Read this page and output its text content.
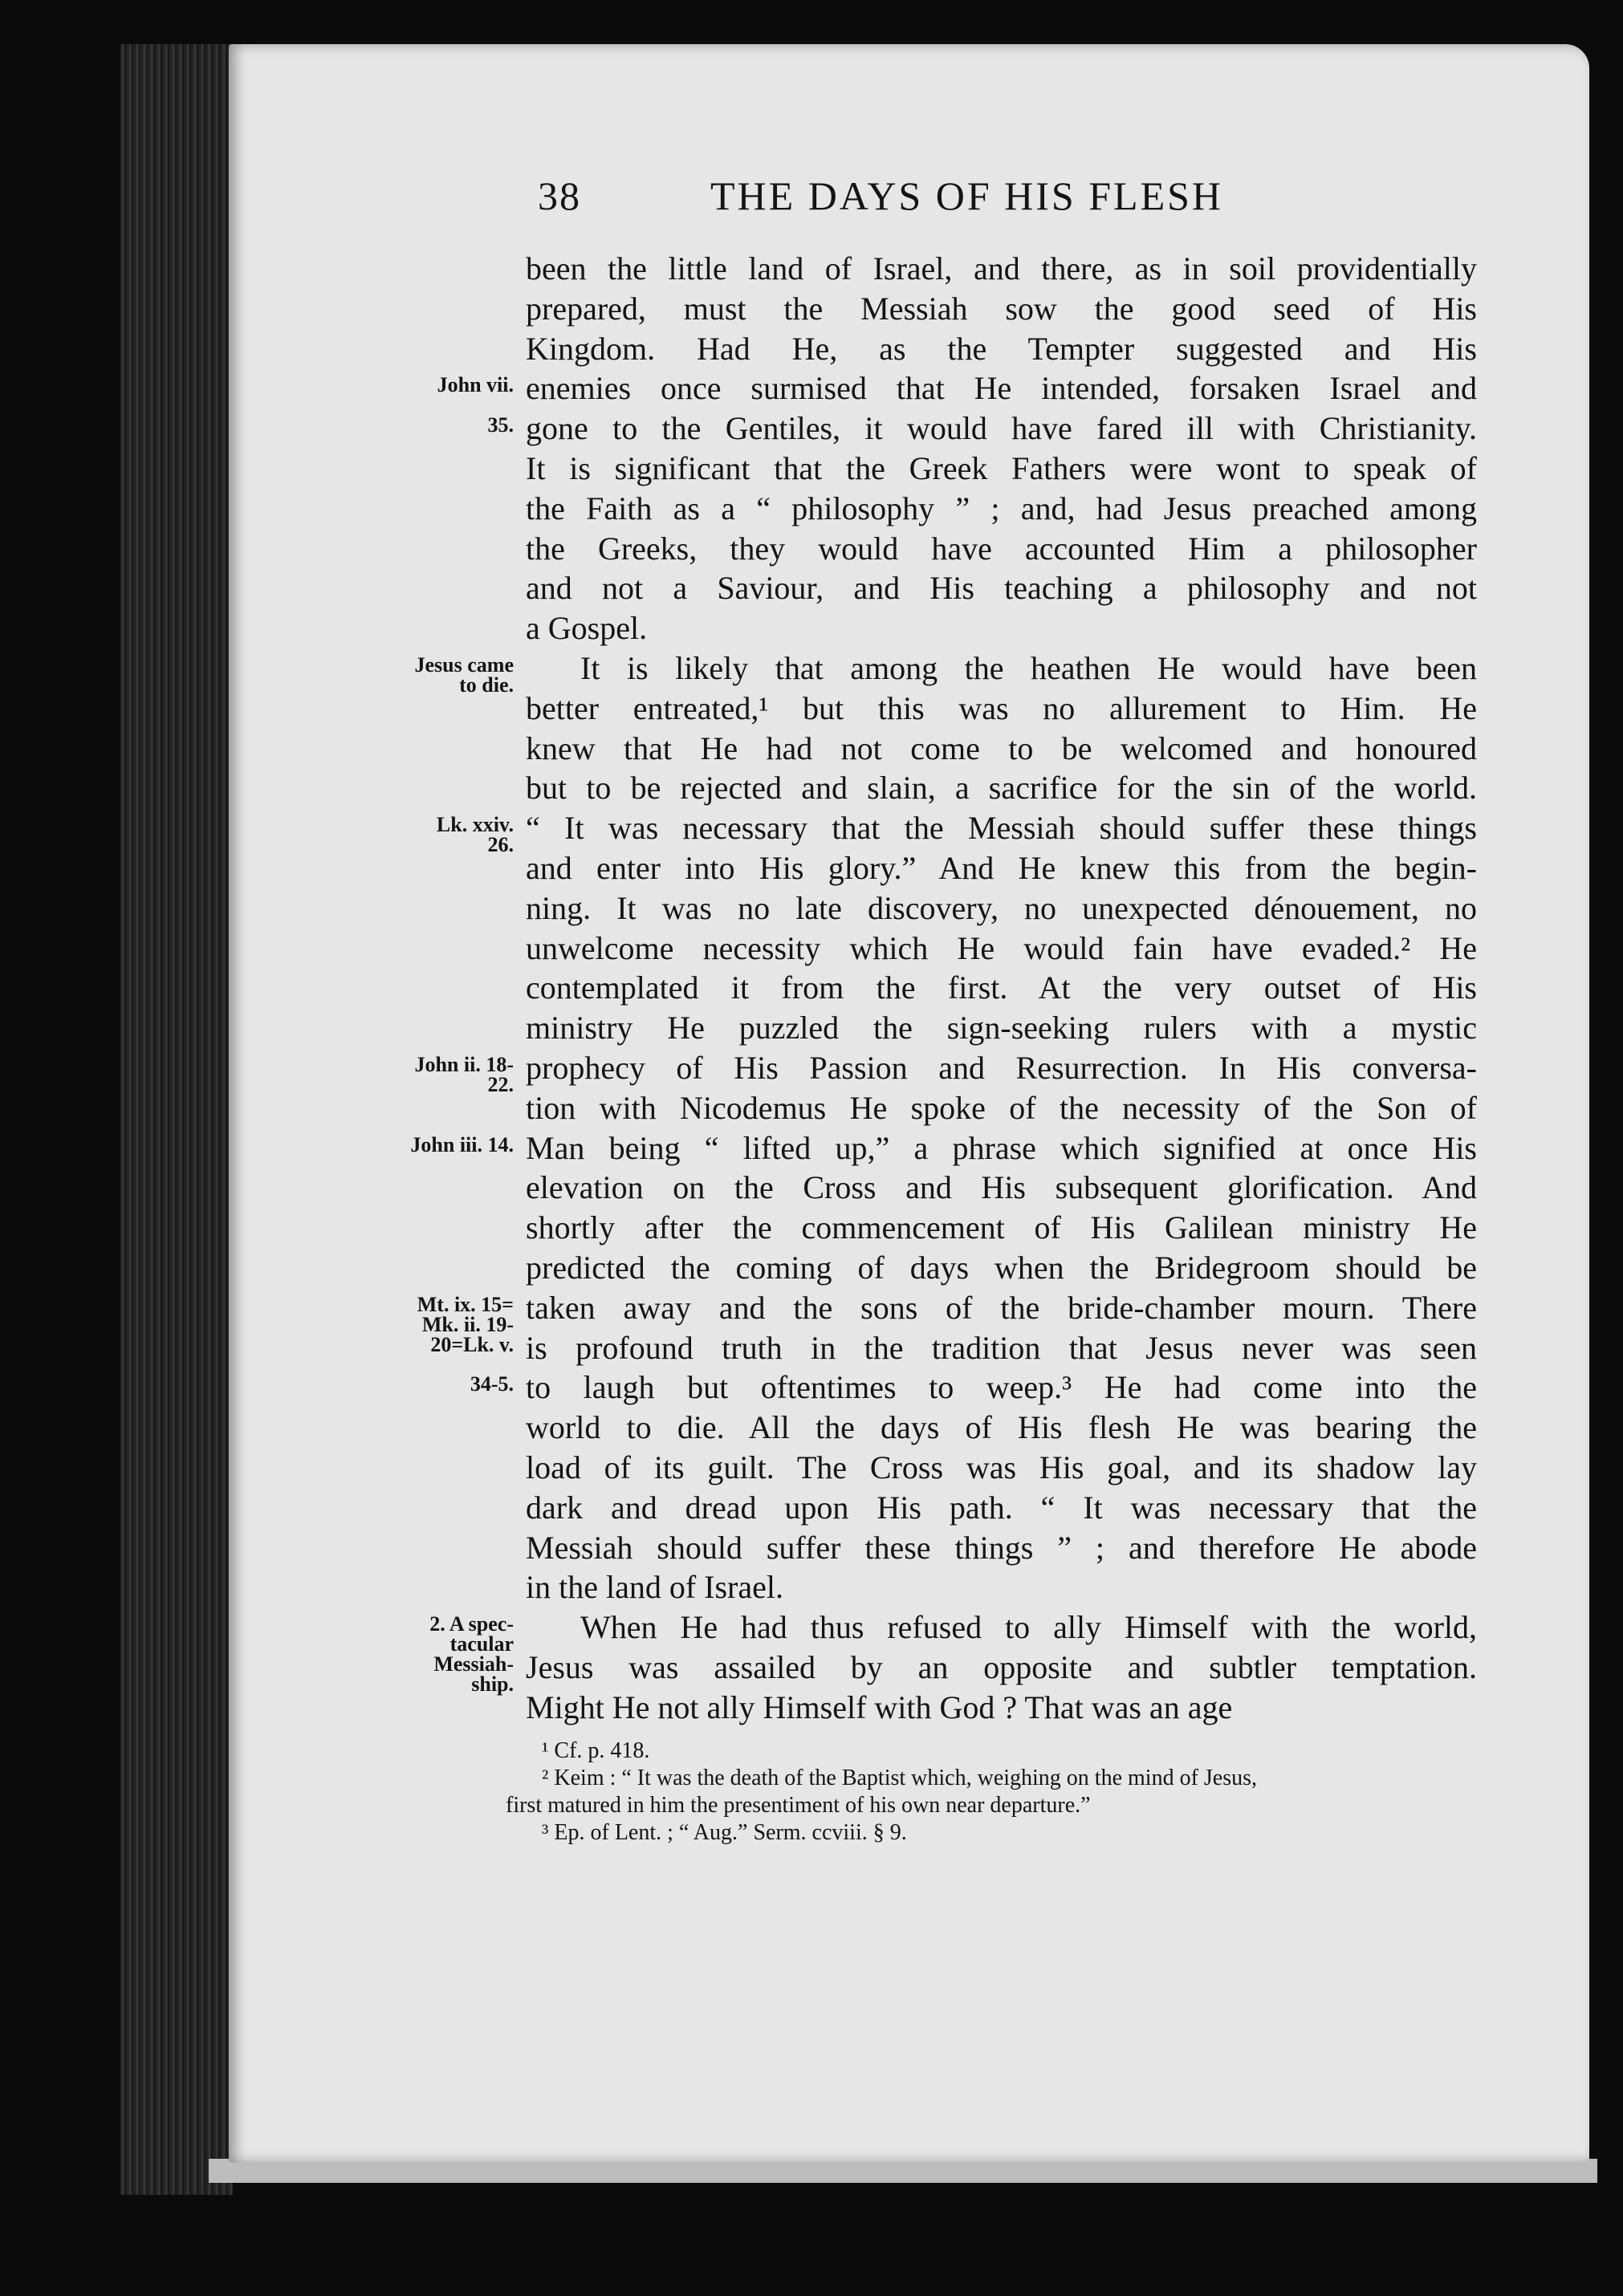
38	THE DAYS OF HIS FLESH
been the little land of Israel, and there, as in soil providentially
prepared, must the Messiah sow the good seed of His
Kingdom. Had He, as the Tempter suggested and His
enemies once surmised that He intended, forsaken Israel and
gone to the Gentiles, it would have fared ill with Christianity.
It is significant that the Greek Fathers were wont to speak of
the Faith as a “ philosophy ” ; and, had Jesus preached among
the Greeks, they would have accounted Him a philosopher
and not a Saviour, and His teaching a philosophy and not
a Gospel.
It is likely that among the heathen He would have been
better entreated,¹ but this was no allurement to Him. He
knew that He had not come to be welcomed and honoured
but to be rejected and slain, a sacrifice for the sin of the world.
“ It was necessary that the Messiah should suffer these things
and enter into His glory.” And He knew this from the begin-
ning. It was no late discovery, no unexpected dénouement, no
unwelcome necessity which He would fain have evaded.² He
contemplated it from the first. At the very outset of His
ministry He puzzled the sign-seeking rulers with a mystic
prophecy of His Passion and Resurrection. In His conversa-
tion with Nicodemus He spoke of the necessity of the Son of
Man being “ lifted up,” a phrase which signified at once His
elevation on the Cross and His subsequent glorification. And
shortly after the commencement of His Galilean ministry He
predicted the coming of days when the Bridegroom should be
taken away and the sons of the bride-chamber mourn. There
is profound truth in the tradition that Jesus never was seen
to laugh but oftentimes to weep.³ He had come into the
world to die. All the days of His flesh He was bearing the
load of its guilt. The Cross was His goal, and its shadow lay
dark and dread upon His path. “ It was necessary that the
Messiah should suffer these things ” ; and therefore He abode
in the land of Israel.
When He had thus refused to ally Himself with the world,
Jesus was assailed by an opposite and subtler temptation.
Might He not ally Himself with God ? That was an age
John vii.
35.
Jesus came
to die.
Lk. xxiv.
26.
John ii. 18-
22.
John iii. 14.
Mt. ix. 15=
Mk. ii. 19-
20=Lk. v.
34-5.
2. A spec-
tacular
Messiah-
ship.
¹ Cf. p. 418.
² Keim : “ It was the death of the Baptist which, weighing on the mind of Jesus,
first matured in him the presentiment of his own near departure.”
³ Ep. of Lent. ; “ Aug.” Serm. ccviii. § 9.
